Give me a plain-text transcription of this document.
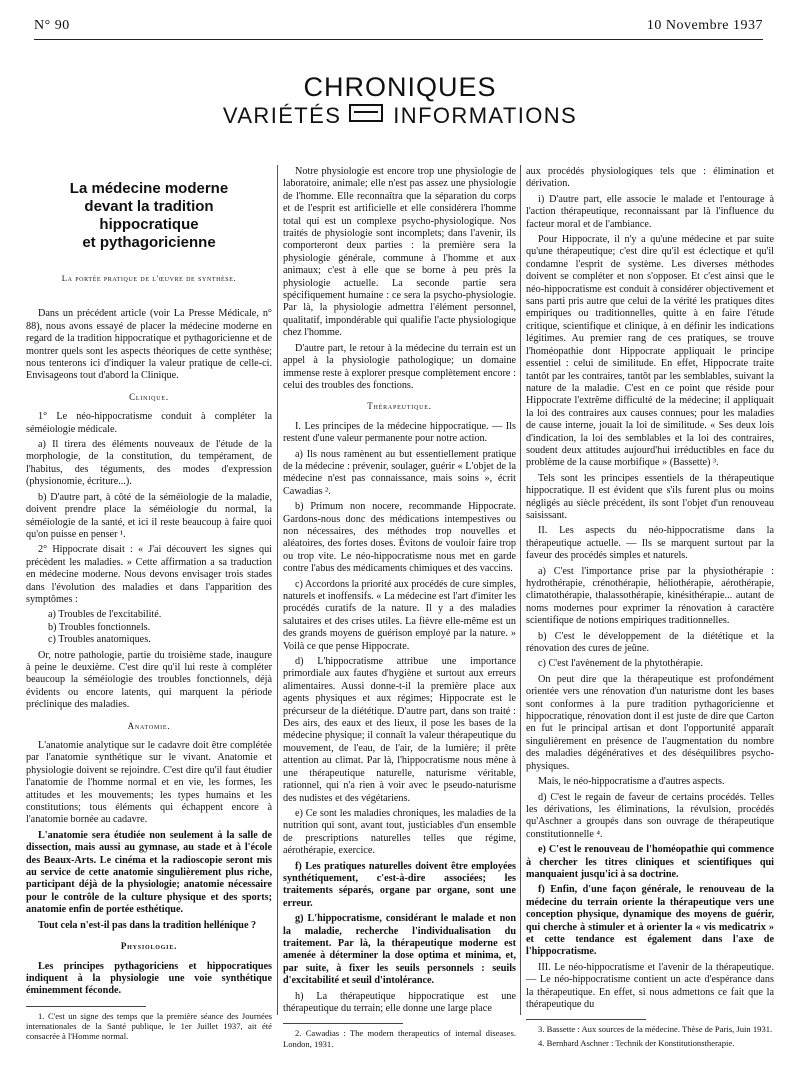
N° 90	10 Novembre 1937
CHRONIQUES
VARIÉTÉS INFORMATIONS
La médecine moderne
devant la tradition
hippocratique
et pythagoricienne
La portée pratique de l'œuvre de synthèse.

Dans un précédent article (voir La Presse Médicale, n° 88), nous avons essayé de placer la médecine moderne en regard de la tradition hippocratique et pythagoricienne et de montrer quels sont les aspects théoriques de cette synthèse; nous tenterons ici d'indiquer la valeur pratique de celle-ci. Envisageons tout d'abord la Clinique.

Clinique.

1° Le néo-hippocratisme conduit à compléter la séméiologie médicale.

a) Il tirera des éléments nouveaux de l'étude de la morphologie, de la constitution, du tempérament, de l'habitus, des téguments, des modes d'expression (physionomie, écriture...).

b) D'autre part, à côté de la séméiologie de la maladie, doivent prendre place la séméiologie du normal, la séméiologie de la santé, et ici il reste beaucoup à faire quoi qu'on puisse en penser ¹.

2° Hippocrate disait : « J'ai découvert les signes qui précèdent les maladies. » Cette affirmation a sa traduction en médecine moderne. Nous devons envisager trois stades dans l'évolution des maladies et dans l'apparition des symptômes :

a) Troubles de l'excitabilité.
b) Troubles fonctionnels.
c) Troubles anatomiques.

Or, notre pathologie, partie du troisième stade, inaugure à peine le deuxième. C'est dire qu'il lui reste à compléter beaucoup la séméiologie des troubles fonctionnels, déjà évidents ou encore latents, qui marquent la période préclinique des maladies.

Anatomie.

L'anatomie analytique sur le cadavre doit être complétée par l'anatomie synthétique sur le vivant. Anatomie et physiologie doivent se rejoindre. C'est dire qu'il faut étudier l'anatomie de l'homme normal et en vie, les formes, les attitudes et les mouvements; les types humains et les constitutions; tous éléments qui échappent encore à l'anatomie bornée au cadavre.

L'anatomie sera étudiée non seulement à la salle de dissection, mais aussi au gymnase, au stade et à l'école des Beaux-Arts. Le cinéma et la radioscopie seront mis au service de cette anatomie singulièrement plus riche, participant déjà de la physiologie; anatomie nécessaire pour le contrôle de la culture physique et des sports; anatomie enfin de portée esthétique.

Tout cela n'est-il pas dans la tradition hellénique ?

Physiologie.

Les principes pythagoriciens et hippocratiques indiquent à la physiologie une voie synthétique éminemment féconde.

1. C'est un signe des temps que la première séance des Journées internationales de la Santé publique, le 1er Juillet 1937, ait été consacrée à l'Homme normal.

Notre physiologie est encore trop une physiologie de laboratoire, animale; elle n'est pas assez une physiologie de l'homme. Elle reconnaîtra que la séparation du corps et de l'esprit est artificielle et elle considérera l'homme total qui est un complexe psycho-physiologique. Nos traités de physiologie sont incomplets; dans l'avenir, ils comporteront deux parties : la première sera la physiologie générale, commune à l'homme et aux animaux; c'est à elle que se borne à peu près la physiologie actuelle. La seconde partie sera spécifiquement humaine : ce sera la psycho-physiologie. Par là, la physiologie admettra l'élément personnel, qualitatif, impondérable qui qualifie l'acte physiologique chez l'homme.

D'autre part, le retour à la médecine du terrain est un appel à la physiologie pathologique; un domaine immense reste à explorer presque complètement encore : celui des troubles des fonctions.

Thérapeutique.

I. Les principes de la médecine hippocratique. — Ils restent d'une valeur permanente pour notre action.

a) Ils nous ramènent au but essentiellement pratique de la médecine : prévenir, soulager, guérir « L'objet de la médecine n'est pas connaissance, mais soins », écrit Cawadias ².

b) Primum non nocere, recommande Hippocrate. Gardons-nous donc des médications intempestives ou non nécessaires, des méthodes trop nouvelles et aléatoires, des fortes doses. Évitons de vouloir faire trop ou trop vite. Le néo-hippocratisme nous met en garde contre l'abus des médicaments chimiques et des vaccins.

c) Accordons la priorité aux procédés de cure simples, naturels et inoffensifs. « La médecine est l'art d'imiter les procédés curatifs de la nature. Il y a des maladies salutaires et des crises utiles. La fièvre elle-même est un des grands moyens de guérison employé par la nature. » Voilà ce que pense Hippocrate.

d) L'hippocratisme attribue une importance primordiale aux fautes d'hygiène et surtout aux erreurs alimentaires. Aussi donne-t-il la première place aux agents physiques et aux régimes; Hippocrate est le précurseur de la diététique. D'autre part, dans son traité : Des airs, des eaux et des lieux, il pose les bases de la médecine physique; il connaît la valeur thérapeutique du mouvement, de l'eau, de l'air, de la lumière; il prête attention au climat. Par là, l'hippocratisme nous mène à une thérapeutique naturelle, naturisme véritable, rationnel, qui n'a rien à voir avec le pseudo-naturisme des nudistes et des végétariens.

e) Ce sont les maladies chroniques, les maladies de la nutrition qui sont, avant tout, justiciables d'un ensemble de prescriptions naturelles telles que régime, aérothérapie, exercice.

f) Les pratiques naturelles doivent être employées synthétiquement, c'est-à-dire associées; les traitements séparés, organe par organe, sont une erreur.

g) L'hippocratisme, considérant le malade et non la maladie, recherche l'individualisation du traitement. Par là, la thérapeutique moderne est amenée à déterminer la dose optima et minima, et, par suite, à fixer les seuils personnels : seuils d'excitabilité et seuil d'intolérance.

h) La thérapeutique hippocratique est une thérapeutique du terrain; elle donne une large place

2. Cawadias : The modern therapeutics of internal diseases. London, 1931.

aux procédés physiologiques tels que : élimination et dérivation.

i) D'autre part, elle associe le malade et l'entourage à l'action thérapeutique, reconnaissant par là l'influence du facteur moral et de l'ambiance.

Pour Hippocrate, il n'y a qu'une médecine et par suite qu'une thérapeutique; c'est dire qu'il est éclectique et qu'il condamne l'esprit de système. Les diverses méthodes doivent se compléter et non s'opposer. Et c'est ainsi que le néo-hippocratisme est conduit à considérer objectivement et sans parti pris autre que celui de la vérité les pratiques dites empiriques ou traditionnelles, quitte à en faire l'étude critique, scientifique et clinique, à en définir les indications légitimes. Au premier rang de ces pratiques, se trouve l'homéopathie dont Hippocrate appliquait le principe essentiel : celui de similitude. En effet, Hippocrate traite tantôt par les contraires, tantôt par les semblables, suivant la nature de la maladie. C'est en ce point que réside pour Hippocrate l'extrême difficulté de la médecine; il appliquait la loi des contraires aux causes connues; pour les maladies de cause interne, jouait la loi de similitude. « Ses deux lois d'indication, la loi des semblables et la loi des contraires, soudent deux attitudes aujourd'hui irréductibles en face du problème de la cause morbifique » (Bassette) ³.

Tels sont les principes essentiels de la thérapeutique hippocratique. Il est évident que s'ils furent plus ou moins négligés au siècle précédent, ils sont l'objet d'un renouveau saisissant.

II. Les aspects du néo-hippocratisme dans la thérapeutique actuelle. — Ils se marquent surtout par la faveur des procédés simples et naturels.

a) C'est l'importance prise par la physiothérapie : hydrothérapie, crénothérapie, héliothérapie, aérothérapie, climatothérapie, thalassothérapie, kinésithérapie... autant de noms modernes pour exprimer la rénovation à caractère scientifique de notions empiriques traditionnelles.

b) C'est le développement de la diététique et la rénovation des cures de jeûne.

c) C'est l'avènement de la phytothérapie.

On peut dire que la thérapeutique est profondément orientée vers une rénovation d'un naturisme dont les bases sont conformes à la pure tradition pythagoricienne et hippocratique, rénovation dont il est juste de dire que Carton en fut le principal artisan et dont l'opportunité apparaît singulièrement en présence de l'augmentation du nombre des maladies dégénératives et des déséquilibres psycho-physiques.

Mais, le néo-hippocratisme a d'autres aspects.

d) C'est le regain de faveur de certains procédés. Telles les dérivations, les éliminations, la révulsion, procédés qu'Aschner a groupés dans son ouvrage de thérapeutique constitutionnelle ⁴.

e) C'est le renouveau de l'homéopathie qui commence à chercher les titres cliniques et scientifiques qui manquaient jusqu'ici à sa doctrine.

f) Enfin, d'une façon générale, le renouveau de la médecine du terrain oriente la thérapeutique vers une conception physique, dynamique des moyens de guérir, qui cherche à stimuler et à orienter la « vis medicatrix » et cette tendance est également dans l'axe de l'hippocratisme.

III. Le néo-hippocratisme et l'avenir de la thérapeutique. — Le néo-hippocratisme contient un acte d'espérance dans la thérapeutique. En effet, si nous admettons ce fait que la thérapeutique du

3. Bassette : Aux sources de la médecine. Thèse de Paris, Juin 1931.

4. Bernhard Aschner : Technik der Konstitutionstherapie.
